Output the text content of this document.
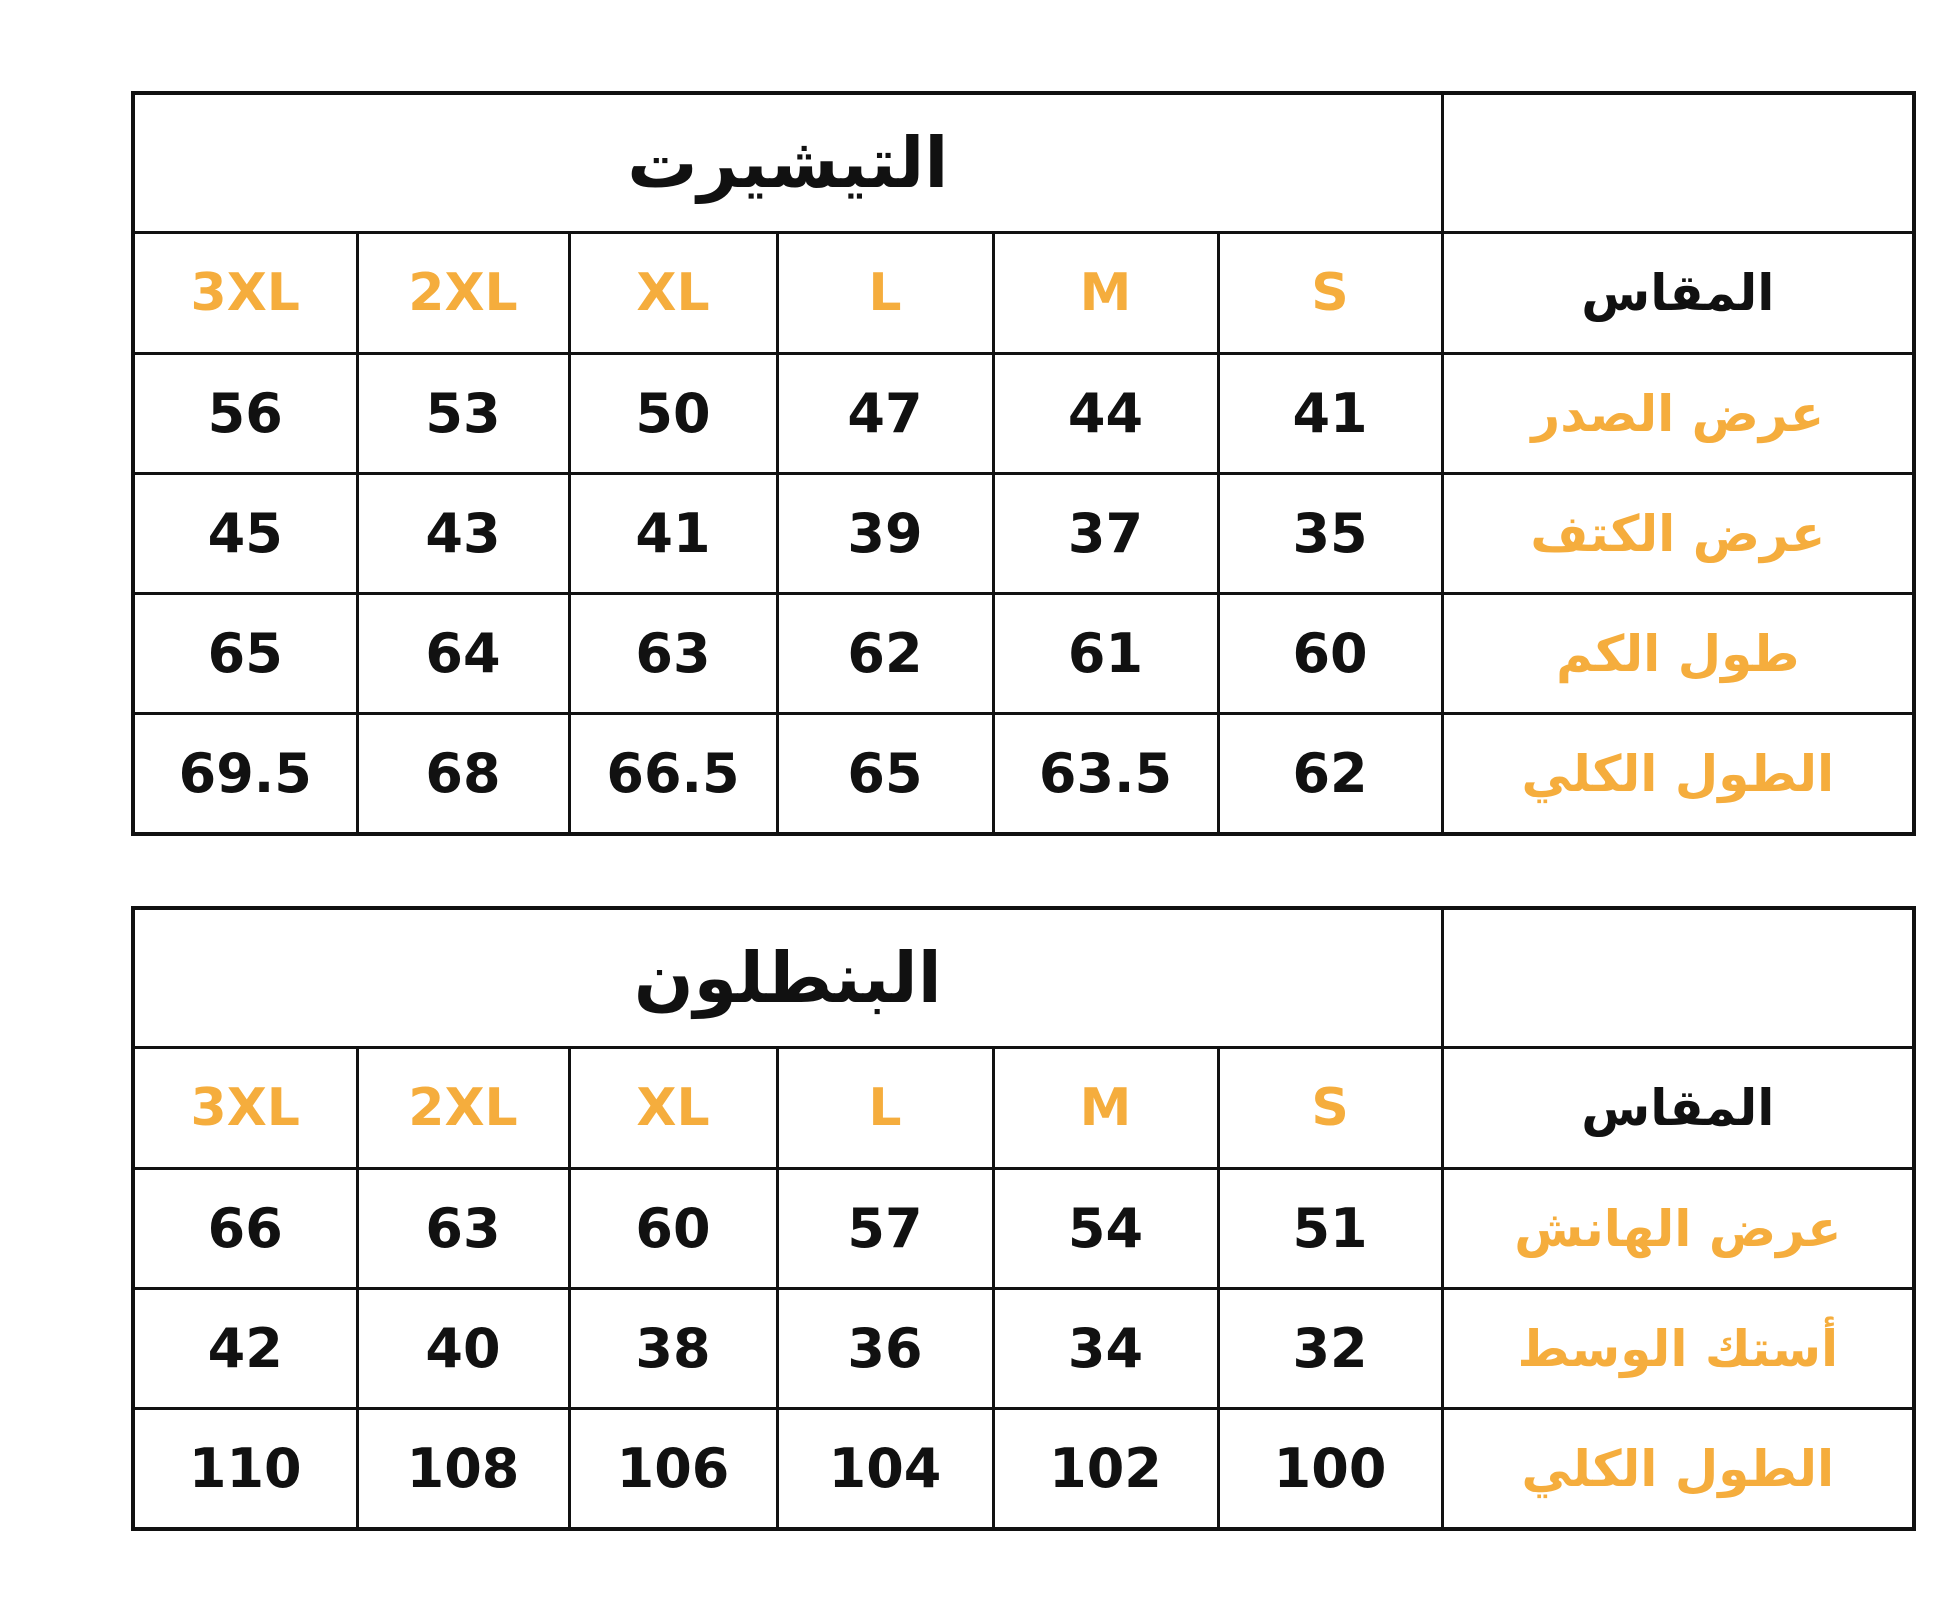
التيشيرت						
3XL	2XL	XL	L	M	S	المقاس
56	53	50	47	44	41	عرض الصدر
45	43	41	39	37	35	عرض الكتف
65	64	63	62	61	60	طول الكم
69.5	68	66.5	65	63.5	62	الطول الكلي
البنطلون						
3XL	2XL	XL	L	M	S	المقاس
66	63	60	57	54	51	عرض الهانش
42	40	38	36	34	32	أستك الوسط
110	108	106	104	102	100	الطول الكلي
